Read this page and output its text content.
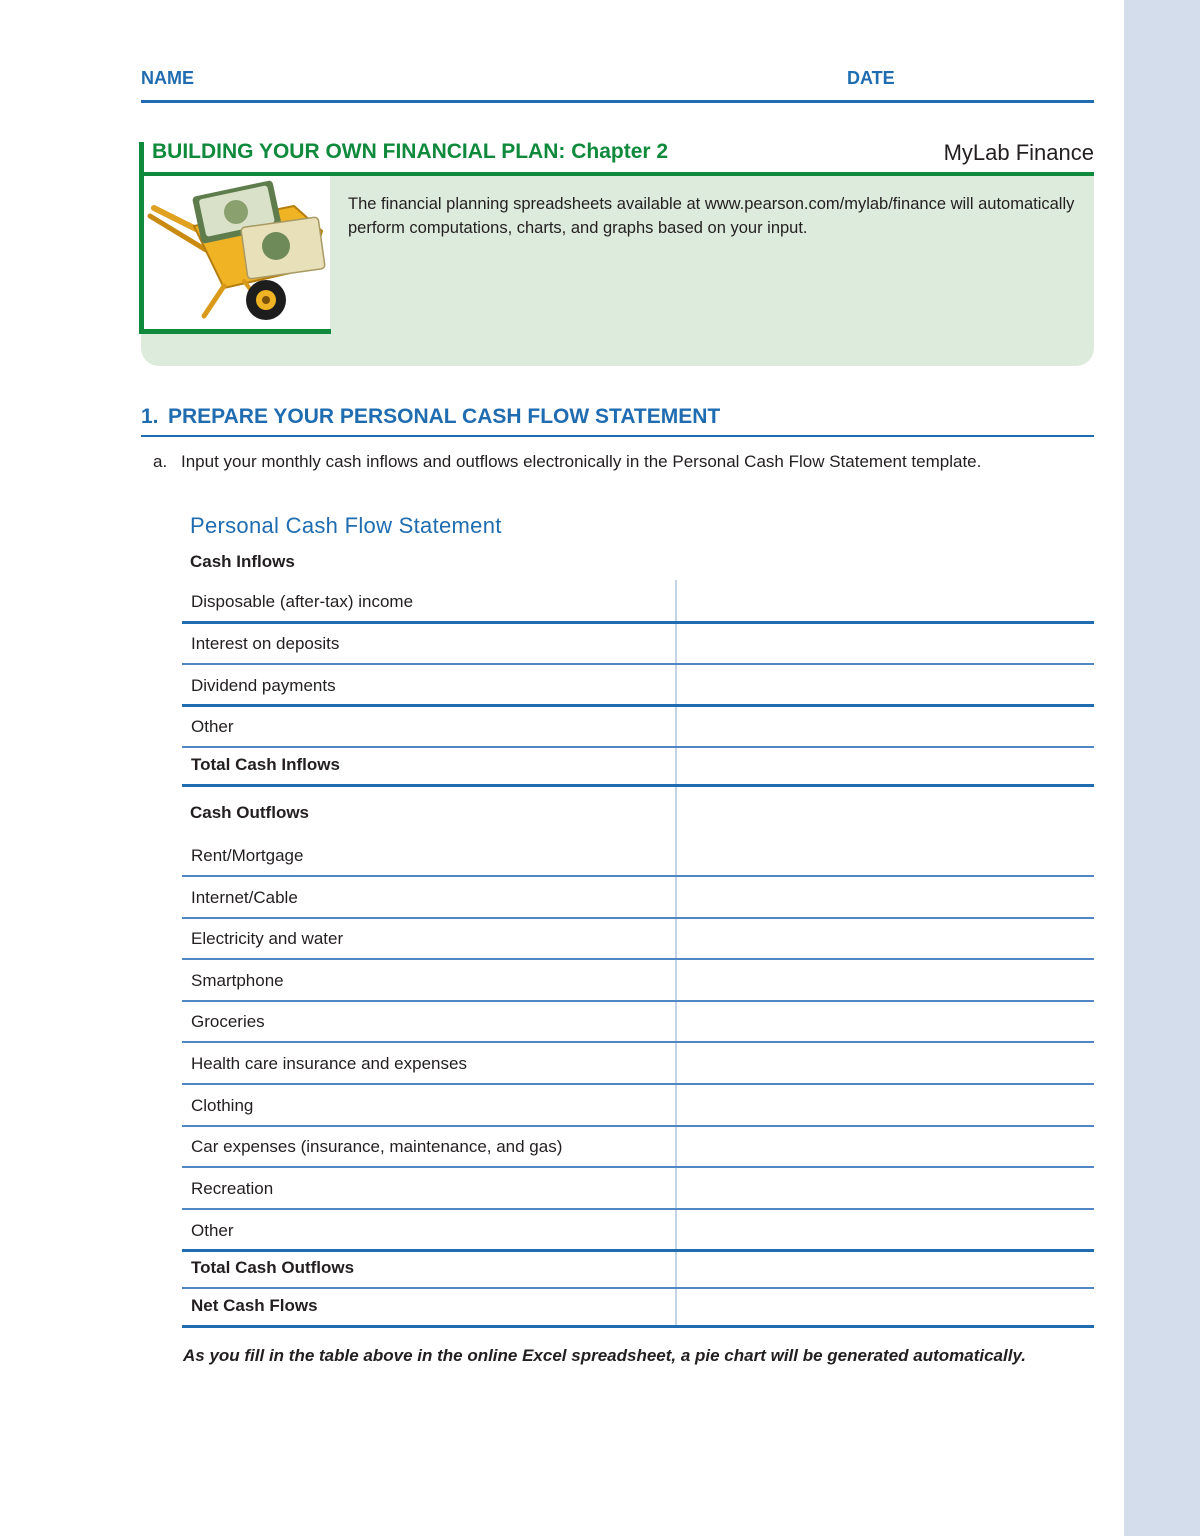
NAME	DATE
BUILDING YOUR OWN FINANCIAL PLAN: Chapter 2	MyLab Finance
The financial planning spreadsheets available at www.pearson.com/mylab/finance will automatically perform computations, charts, and graphs based on your input.
1. PREPARE YOUR PERSONAL CASH FLOW STATEMENT
a. Input your monthly cash inflows and outflows electronically in the Personal Cash Flow Statement template.
Personal Cash Flow Statement
Cash Inflows
Disposable (after-tax) income
Interest on deposits
Dividend payments
Other
Total Cash Inflows
Cash Outflows
Rent/Mortgage
Internet/Cable
Electricity and water
Smartphone
Groceries
Health care insurance and expenses
Clothing
Car expenses (insurance, maintenance, and gas)
Recreation
Other
Total Cash Outflows
Net Cash Flows
As you fill in the table above in the online Excel spreadsheet, a pie chart will be generated automatically.
